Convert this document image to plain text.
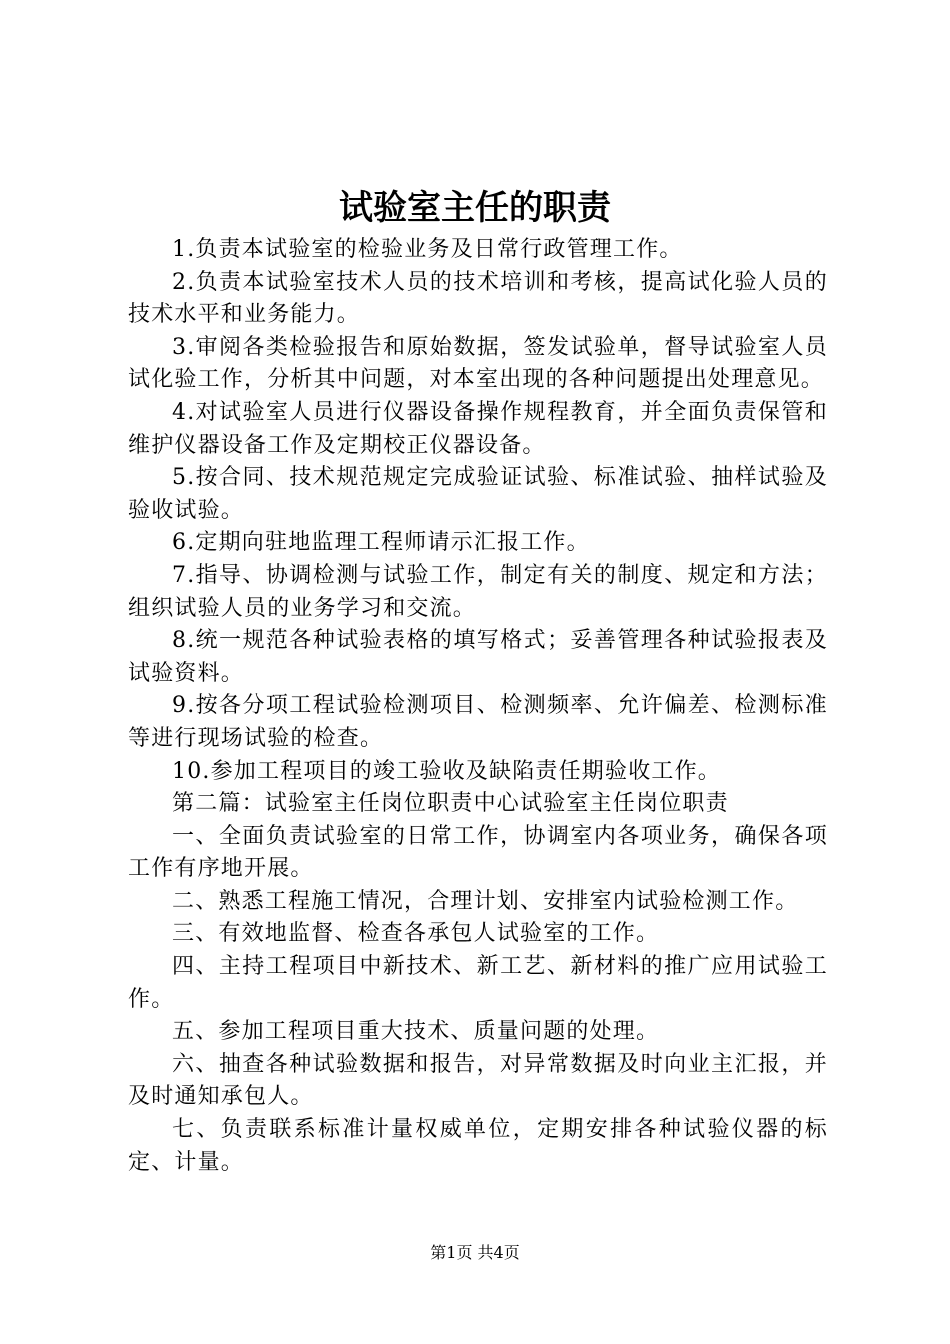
试验室主任的职责

1.负责本试验室的检验业务及日常行政管理工作。

2.负责本试验室技术人员的技术培训和考核，提高试化验人员的技术水平和业务能力。

3.审阅各类检验报告和原始数据，签发试验单，督导试验室人员试化验工作，分析其中问题，对本室出现的各种问题提出处理意见。

4.对试验室人员进行仪器设备操作规程教育，并全面负责保管和维护仪器设备工作及定期校正仪器设备。

5.按合同、技术规范规定完成验证试验、标准试验、抽样试验及验收试验。

6.定期向驻地监理工程师请示汇报工作。

7.指导、协调检测与试验工作，制定有关的制度、规定和方法；组织试验人员的业务学习和交流。

8.统一规范各种试验表格的填写格式；妥善管理各种试验报表及试验资料。

9.按各分项工程试验检测项目、检测频率、允许偏差、检测标准等进行现场试验的检查。

10.参加工程项目的竣工验收及缺陷责任期验收工作。

第二篇：试验室主任岗位职责中心试验室主任岗位职责

一、全面负责试验室的日常工作，协调室内各项业务，确保各项工作有序地开展。

二、熟悉工程施工情况，合理计划、安排室内试验检测工作。

三、有效地监督、检查各承包人试验室的工作。

四、主持工程项目中新技术、新工艺、新材料的推广应用试验工作。

五、参加工程项目重大技术、质量问题的处理。

六、抽查各种试验数据和报告，对异常数据及时向业主汇报，并及时通知承包人。

七、负责联系标准计量权威单位，定期安排各种试验仪器的标定、计量。

第1页 共4页
